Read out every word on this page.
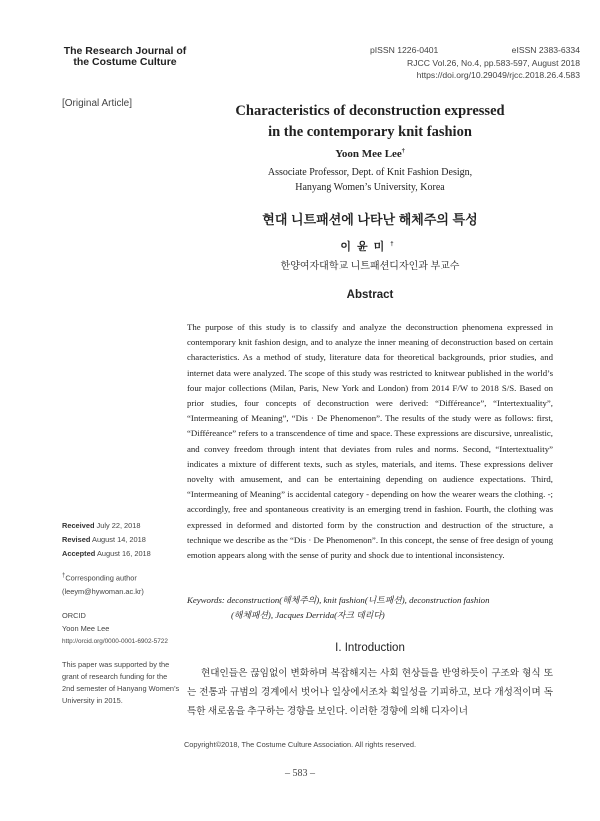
The Research Journal of
the Costume Culture
pISSN 1226-0401	eISSN 2383-6334
RJCC Vol.26, No.4, pp.583-597, August 2018
https://doi.org/10.29049/rjcc.2018.26.4.583
[Original Article]	Characteristics of deconstruction expressed
in the contemporary knit fashion
Yoon Mee Lee†
Associate Professor, Dept. of Knit Fashion Design,
Hanyang Women’s University, Korea
현대 니트패션에 나타난 해체주의 특성
이윤미†
한양여자대학교 니트패션디자인과 부교수
Abstract
The purpose of this study is to classify and analyze the deconstruction phenomena expressed in contemporary knit fashion design, and to analyze the inner meaning of deconstruction based on certain characteristics. As a method of study, literature data for theoretical backgrounds, prior studies, and internet data were analyzed. The scope of this study was restricted to knitwear published in the world’s four major collections (Milan, Paris, New York and London) from 2014 F/W to 2018 S/S. Based on prior studies, four concepts of deconstruction were derived: “Différeance”, “Intertextuality”, “Intermeaning of Meaning”, “Dis · De Phenomenon”. The results of the study were as follows: first, “Différeance” refers to a transcendence of time and space. These expressions are discursive, unrealistic, and convey freedom through intent that deviates from rules and norms. Second, “Intertextuality” indicates a mixture of different texts, such as styles, materials, and items. These expressions deliver novelty with amusement, and can be entertaining depending on audience expectations. Third, “Intermeaning of Meaning” is accidental category - depending on how the wearer wears the clothing. -; accordingly, free and spontaneous creativity is an emerging trend in fashion. Fourth, the clothing was expressed in deformed and distorted form by the construction and destruction of the structure, a technique we describe as the “Dis · De Phenomenon”. In this concept, the sense of free design of young emotion appears along with the sense of purity and shock due to intentional inconsistency.
Keywords: deconstruction(해체주의), knit fashion(니트패션), deconstruction fashion
(해체패션), Jacques Derrida(자크 데리다)
Received July 22, 2018
Revised August 14, 2018
Accepted August 16, 2018
†Corresponding author
(leeym@hywoman.ac.kr)
ORCID
Yoon Mee Lee
http://orcid.org/0000-0001-6902-5722
This paper was supported by the grant of research funding for the 2nd semester of Hanyang Women’s University in 2015.
I. Introduction
현대인들은 끊임없이 변화하며 복잡해지는 사회 현상들을 반영하듯이 구조와 형식 또는 전통과 규범의 경계에서 벗어나 일상에서조차 획일성을 기피하고, 보다 개성적이며 독특한 새로움을 추구하는 경향을 보인다. 이러한 경향에 의해 디자이너
Copyright©2018, The Costume Culture Association. All rights reserved.
– 583 –
